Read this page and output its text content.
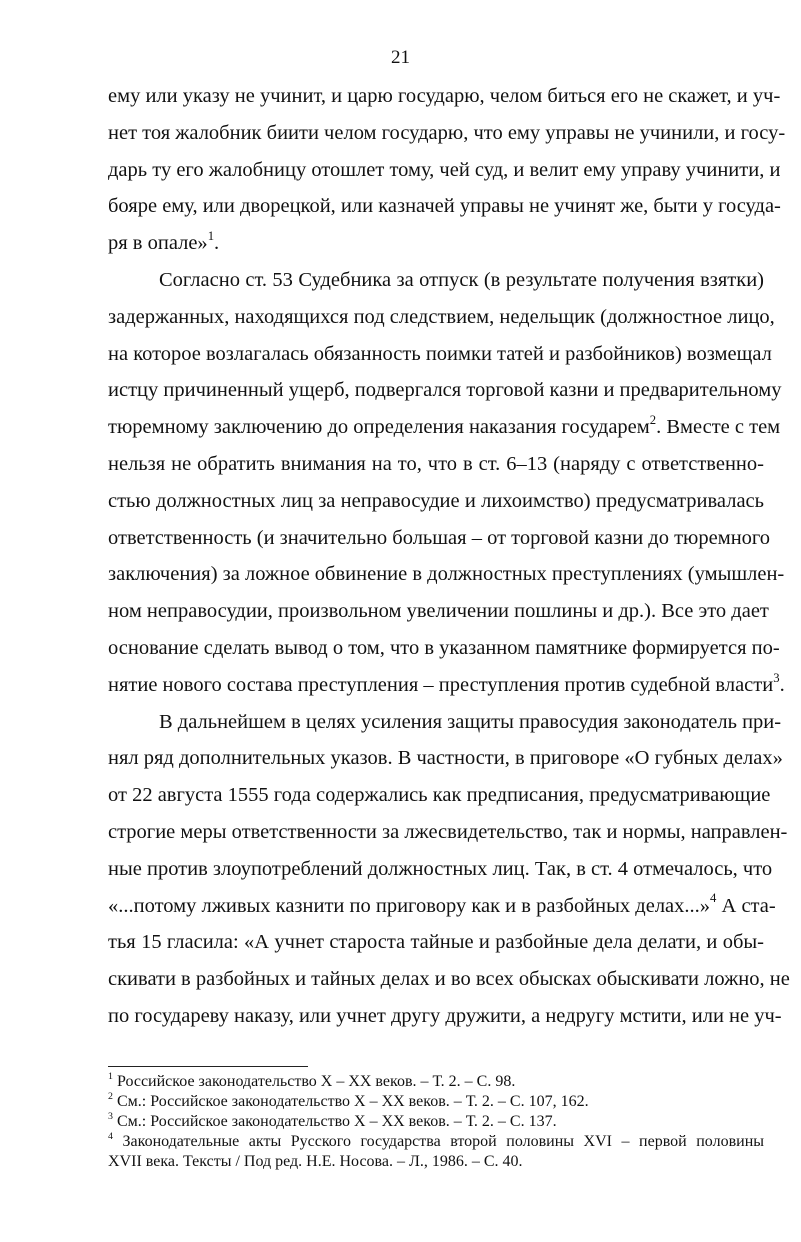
21
ему или указу не учинит, и царю государю, челом биться его не скажет, и уч-
нет тоя жалобник биити челом государю, что ему управы не учинили, и госу-
дарь ту его жалобницу отошлет тому, чей суд, и велит ему управу учинити, и
бояре ему, или дворецкой, или казначей управы не учинят же, быти у госуда-
ря в опале»$^1$.
Согласно ст. 53 Судебника за отпуск (в результате получения взятки)
задержанных, находящихся под следствием, недельщик (должностное лицо,
на которое возлагалась обязанность поимки татей и разбойников) возмещал
истцу причиненный ущерб, подвергался торговой казни и предварительному
тюремному заключению до определения наказания государем$^2$. Вместе с тем
нельзя не обратить внимания на то, что в ст. 6–13 (наряду с ответственно-
стью должностных лиц за неправосудие и лихоимство) предусматривалась
ответственность (и значительно большая – от торговой казни до тюремного
заключения) за ложное обвинение в должностных преступлениях (умышлен-
ном неправосудии, произвольном увеличении пошлины и др.). Все это дает
основание сделать вывод о том, что в указанном памятнике формируется по-
нятие нового состава преступления – преступления против судебной власти$^3$.
В дальнейшем в целях усиления защиты правосудия законодатель при-
нял ряд дополнительных указов. В частности, в приговоре «О губных делах»
от 22 августа 1555 года содержались как предписания, предусматривающие
строгие меры ответственности за лжесвидетельство, так и нормы, направлен-
ные против злоупотреблений должностных лиц. Так, в ст. 4 отмечалось, что
«...потому лживых казнити по приговору как и в разбойных делах...»$^4$ А ста-
тья 15 гласила: «А учнет староста тайные и разбойные дела делати, и обы-
скивати в разбойных и тайных делах и во всех обысках обыскивати ложно, не
по государеву наказу, или учнет другу дружити, а недругу мстити, или не уч-
$^1$ Российское законодательство X – XX веков. – Т. 2. – С. 98.
$^2$ См.: Российское законодательство X – XX веков. – Т. 2. – С. 107, 162.
$^3$ См.: Российское законодательство X – XX веков. – Т. 2. – С. 137.
$^4$ Законодательные акты Русского государства второй половины XVI – первой половины
XVII века. Тексты / Под ред. Н.Е. Носова. – Л., 1986. – С. 40.
